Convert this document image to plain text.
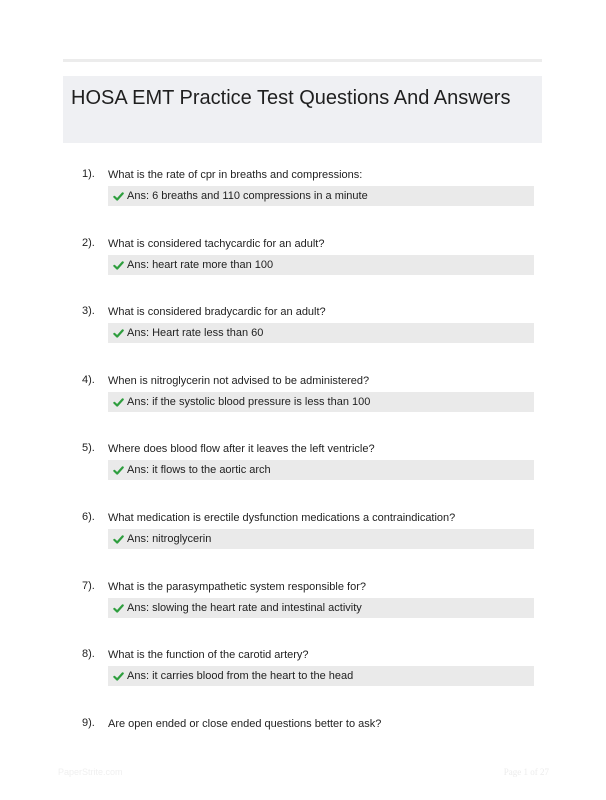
HOSA EMT Practice Test Questions And Answers
1). What is the rate of cpr in breaths and compressions:
Ans: 6 breaths and 110 compressions in a minute
2). What is considered tachycardic for an adult?
Ans: heart rate more than 100
3). What is considered bradycardic for an adult?
Ans: Heart rate less than 60
4). When is nitroglycerin not advised to be administered?
Ans: if the systolic blood pressure is less than 100
5). Where does blood flow after it leaves the left ventricle?
Ans: it flows to the aortic arch
6). What medication is erectile dysfunction medications a contraindication?
Ans: nitroglycerin
7). What is the parasympathetic system responsible for?
Ans: slowing the heart rate and intestinal activity
8). What is the function of the carotid artery?
Ans: it carries blood from the heart to the head
9). Are open ended or close ended questions better to ask?
PaperStrite.com	Page 1 of 27
